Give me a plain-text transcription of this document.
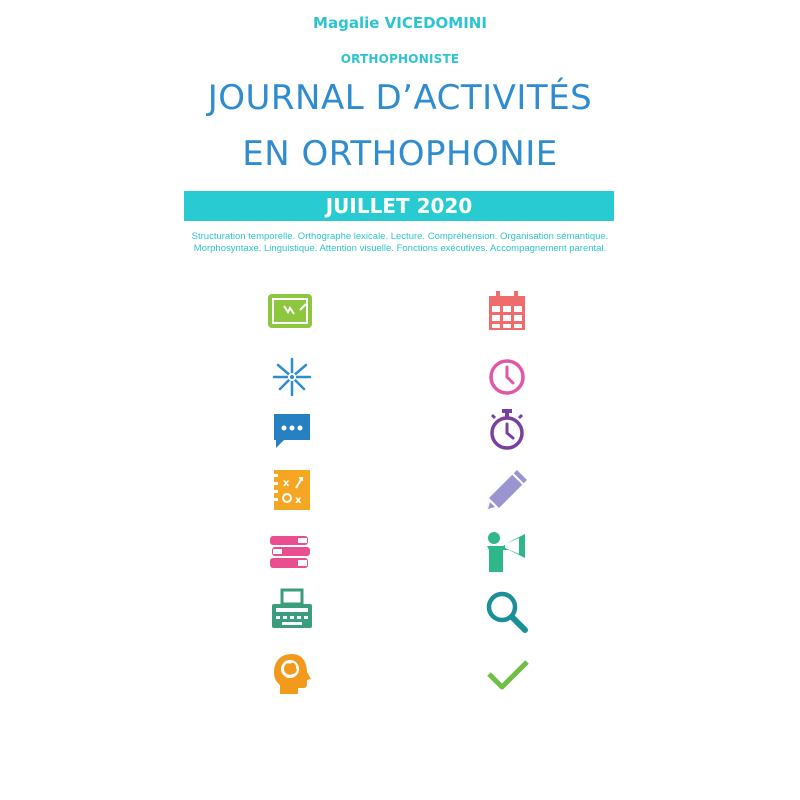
Magalie VICEDOMINI
ORTHOPHONISTE
JOURNAL D’ACTIVITÉS
EN ORTHOPHONIE
JUILLET 2020
Structuration temporelle. Orthographe lexicale. Lecture. Compréhension. Organisation sémantique. Morphosyntaxe. Linguistique. Attention visuelle. Fonctions exécutives. Accompagnement parental.
x
x
